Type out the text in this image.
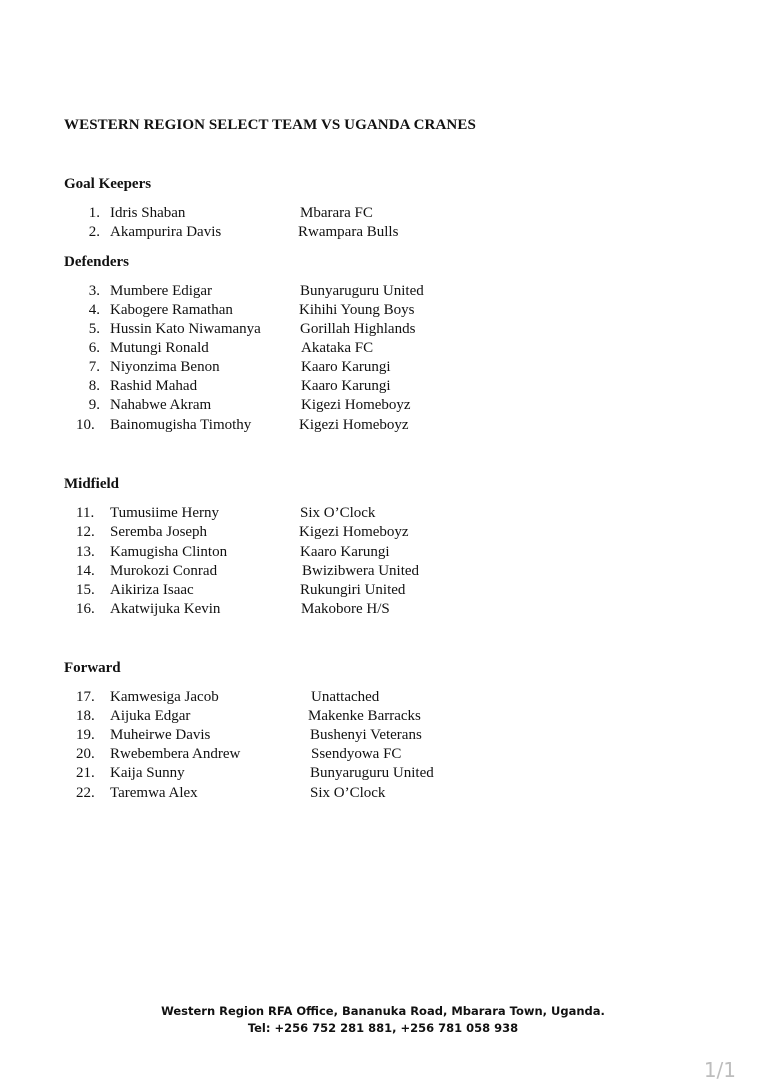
WESTERN REGION SELECT TEAM VS UGANDA CRANES
Goal Keepers
1. Idris Shaban	Mbarara FC
2. Akampurira Davis	Rwampara Bulls
Defenders
3. Mumbere Edigar	Bunyaruguru United
4. Kabogere Ramathan	Kihihi Young Boys
5. Hussin Kato Niwamanya	Gorillah Highlands
6. Mutungi Ronald	Akataka FC
7. Niyonzima Benon	Kaaro Karungi
8. Rashid Mahad	Kaaro Karungi
9. Nahabwe Akram	Kigezi Homeboyz
10.	Bainomugisha Timothy	Kigezi Homeboyz
Midfield
11.	Tumusiime Herny	Six O’Clock
12.	Seremba Joseph	Kigezi Homeboyz
13.	Kamugisha Clinton	Kaaro Karungi
14.	Murokozi Conrad	Bwizibwera United
15.	Aikiriza Isaac	Rukungiri United
16.	Akatwijuka Kevin	Makobore H/S
Forward
17.	Kamwesiga Jacob	Unattached
18.	Aijuka Edgar	Makenke Barracks
19.	Muheirwe Davis	Bushenyi Veterans
20.	Rwebembera Andrew	Ssendyowa FC
21.	Kaija Sunny	Bunyaruguru United
22.	Taremwa Alex	Six O’Clock
Western Region RFA Office, Bananuka Road, Mbarara Town, Uganda.
Tel: +256 752 281 881, +256 781 058 938
1/1
